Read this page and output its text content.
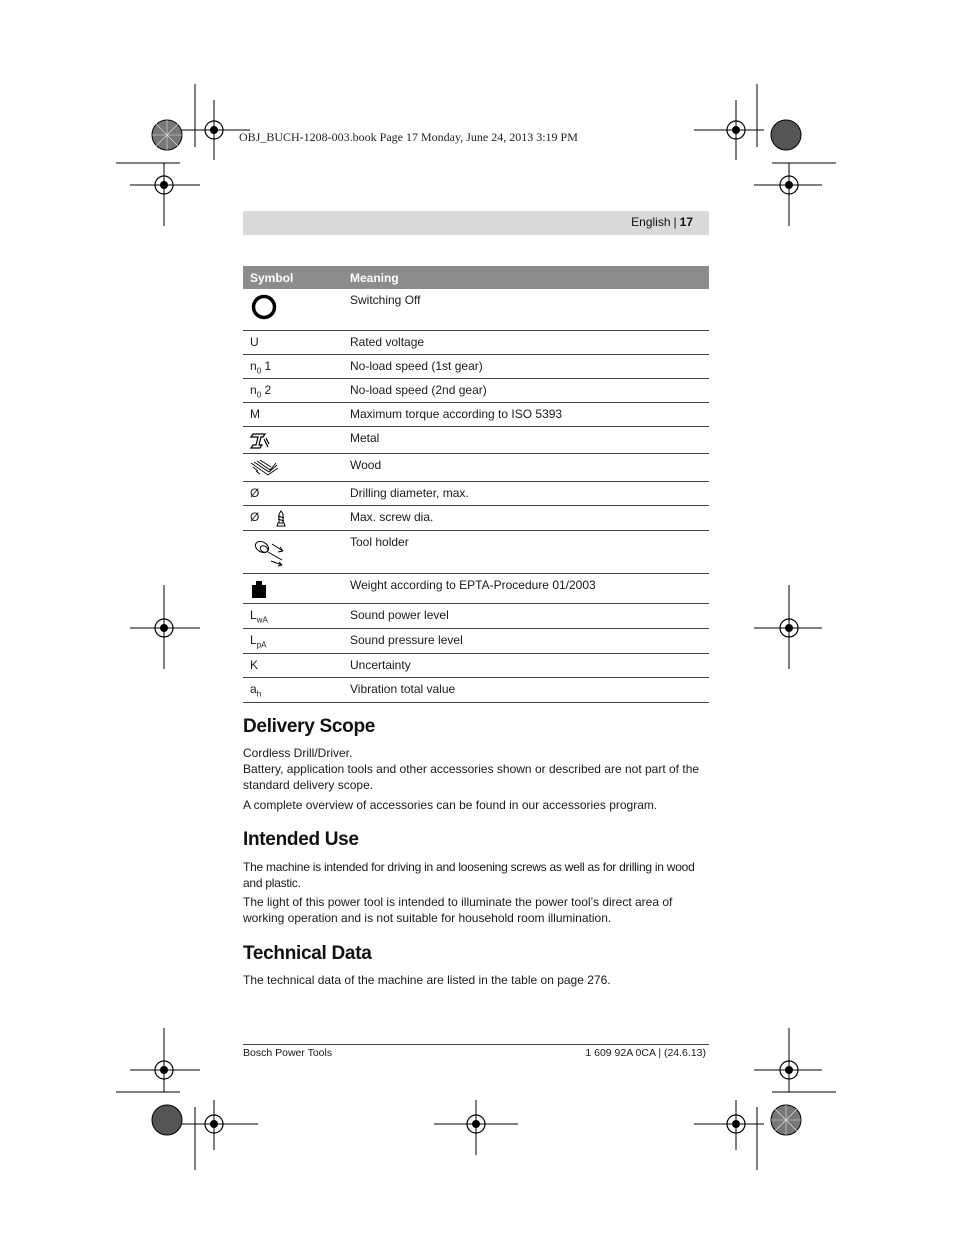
OBJ_BUCH-1208-003.book Page 17 Monday, June 24, 2013 3:19 PM
English | 17
Symbol	Meaning
	Switching Off
U	Rated voltage
$n_0$ 1	No-load speed (1st gear)
$n_0$ 2	No-load speed (2nd gear)
M	Maximum torque according to ISO 5393
	Metal
	Wood
Ø	Drilling diameter, max.
Ø	Max. screw dia.
	Tool holder
	Weight according to EPTA-Procedure 01/2003
$L_{wA}$	Sound power level
$L_{pA}$	Sound pressure level
K	Uncertainty
$a_h$	Vibration total value
Delivery Scope

Cordless Drill/Driver.

Battery, application tools and other accessories shown or described are not part of the standard delivery scope.

A complete overview of accessories can be found in our accessories program.

Intended Use

The machine is intended for driving in and loosening screws as well as for drilling in wood and plastic.

The light of this power tool is intended to illuminate the power tool’s direct area of working operation and is not suitable for household room illumination.

Technical Data

The technical data of the machine are listed in the table on page 276.

Bosch Power Tools	1 609 92A 0CA | (24.6.13)
